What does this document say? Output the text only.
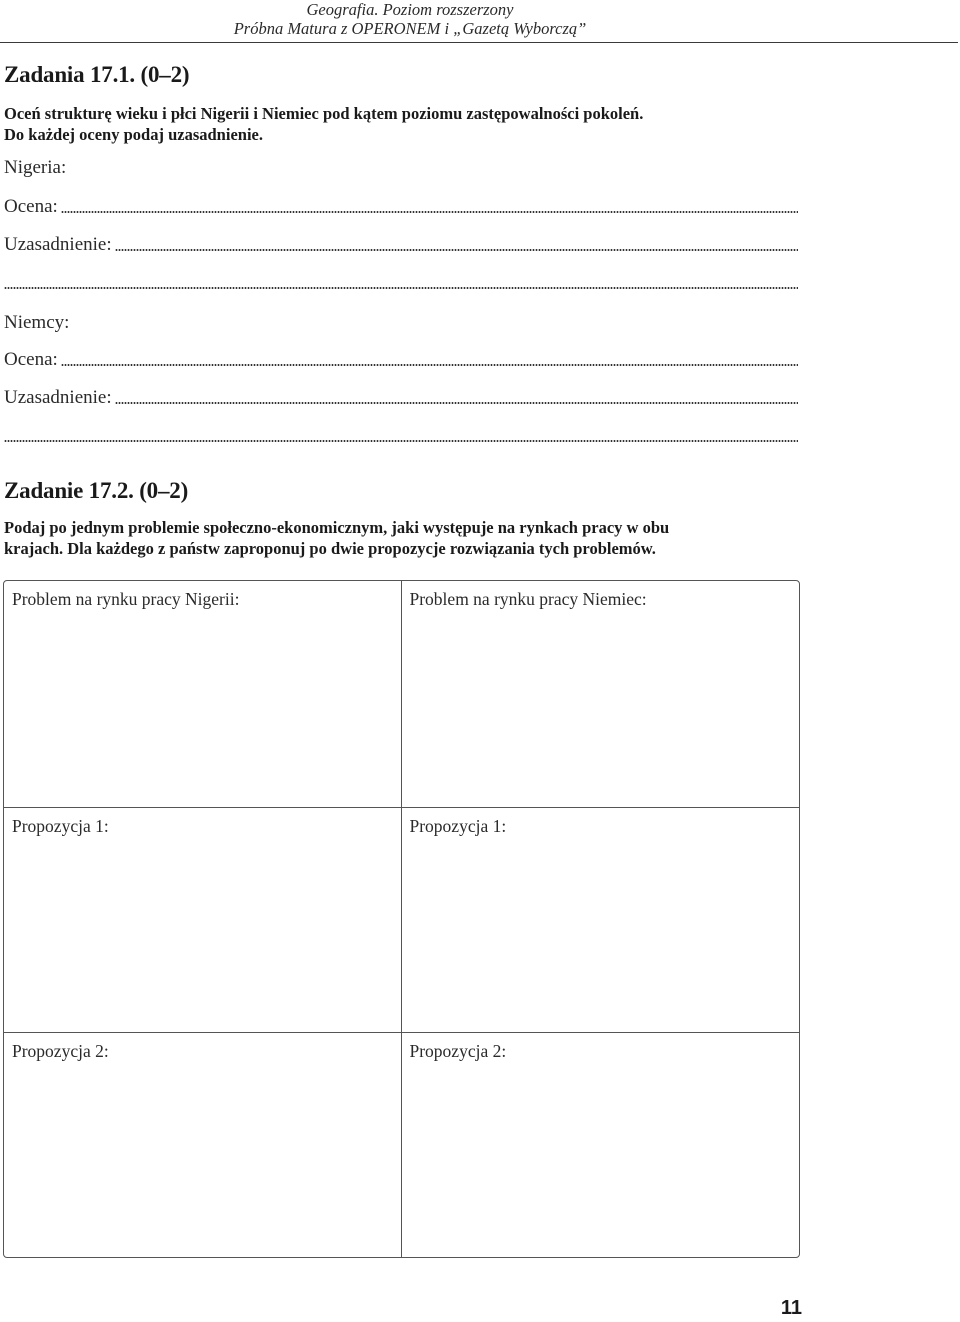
Geografia. Poziom rozszerzony
Próbna Matura z OPERONEM i „Gazetą Wyborczą”
Zadania 17.1. (0–2)
Oceń strukturę wieku i płci Nigerii i Niemiec pod kątem poziomu zastępowalności pokoleń.
Do każdej oceny podaj uzasadnienie.
Nigeria:
Ocena:
Uzasadnienie:
Niemcy:
Ocena:
Uzasadnienie:
Zadanie 17.2. (0–2)
Podaj po jednym problemie społeczno-ekonomicznym, jaki występuje na rynkach pracy w obu
krajach. Dla każdego z państw zaproponuj po dwie propozycje rozwiązania tych problemów.
Problem na rynku pracy Nigerii:	Problem na rynku pracy Niemiec:
Propozycja 1:	Propozycja 1:
Propozycja 2:	Propozycja 2:
11
